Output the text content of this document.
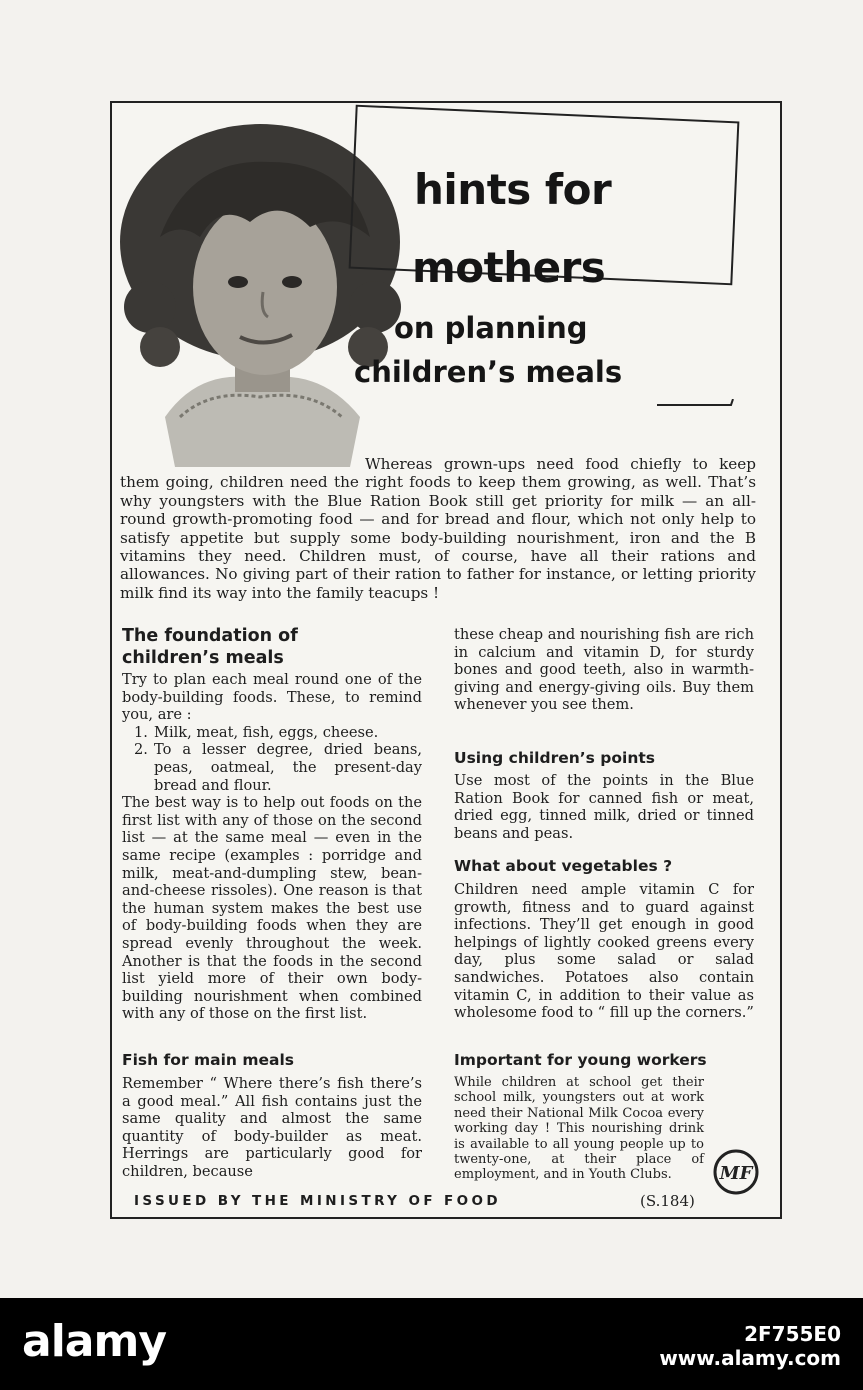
hints for
mothers
on planning
children’s meals

Whereas grown-ups need food chiefly to keep them going, children need the right foods to keep them growing, as well. That’s why youngsters with the Blue Ration Book still get priority for milk — an all-round growth-promoting food — and for bread and flour, which not only help to satisfy appetite but supply some body-building nourishment, iron and the B vitamins they need. Children must, of course, have all their rations and allowances. No giving part of their ration to father for instance, or letting priority milk find its way into the family teacups !

The foundation of
children’s meals

Try to plan each meal round one of the body-building foods. These, to remind you, are :

1. Milk, meat, fish, eggs, cheese.
2. To a lesser degree, dried beans, peas, oatmeal, the present-day bread and flour.

The best way is to help out foods on the first list with any of those on the second list — at the same meal — even in the same recipe (examples : porridge and milk, meat-and-dumpling stew, bean-and-cheese rissoles). One reason is that the human system makes the best use of body-building foods when they are spread evenly throughout the week. Another is that the foods in the second list yield more of their own body-building nourishment when combined with any of those on the first list.

Fish for main meals

Remember “ Where there’s fish there’s a good meal.” All fish contains just the same quality and almost the same quantity of body-builder as meat. Herrings are particularly good for children, because

these cheap and nourishing fish are rich in calcium and vitamin D, for sturdy bones and good teeth, also in warmth-giving and energy-giving oils. Buy them whenever you see them.

Using children’s points

Use most of the points in the Blue Ration Book for canned fish or meat, dried egg, tinned milk, dried or tinned beans and peas.

What about vegetables ?

Children need ample vitamin C for growth, fitness and to guard against infections. They’ll get enough in good helpings of lightly cooked greens every day, plus some salad or salad sandwiches. Potatoes also contain vitamin C, in addition to their value as wholesome food to “ fill up the corners.”

Important for young workers

While children at school get their school milk, youngsters out at work need their National Milk Cocoa every working day ! This nourishing drink is available to all young people up to twenty-one, at their place of employment, and in Youth Clubs.	MF
ISSUED BY THE MINISTRY OF FOOD	(S.184)
alamy	2F755E0
www.alamy.com
